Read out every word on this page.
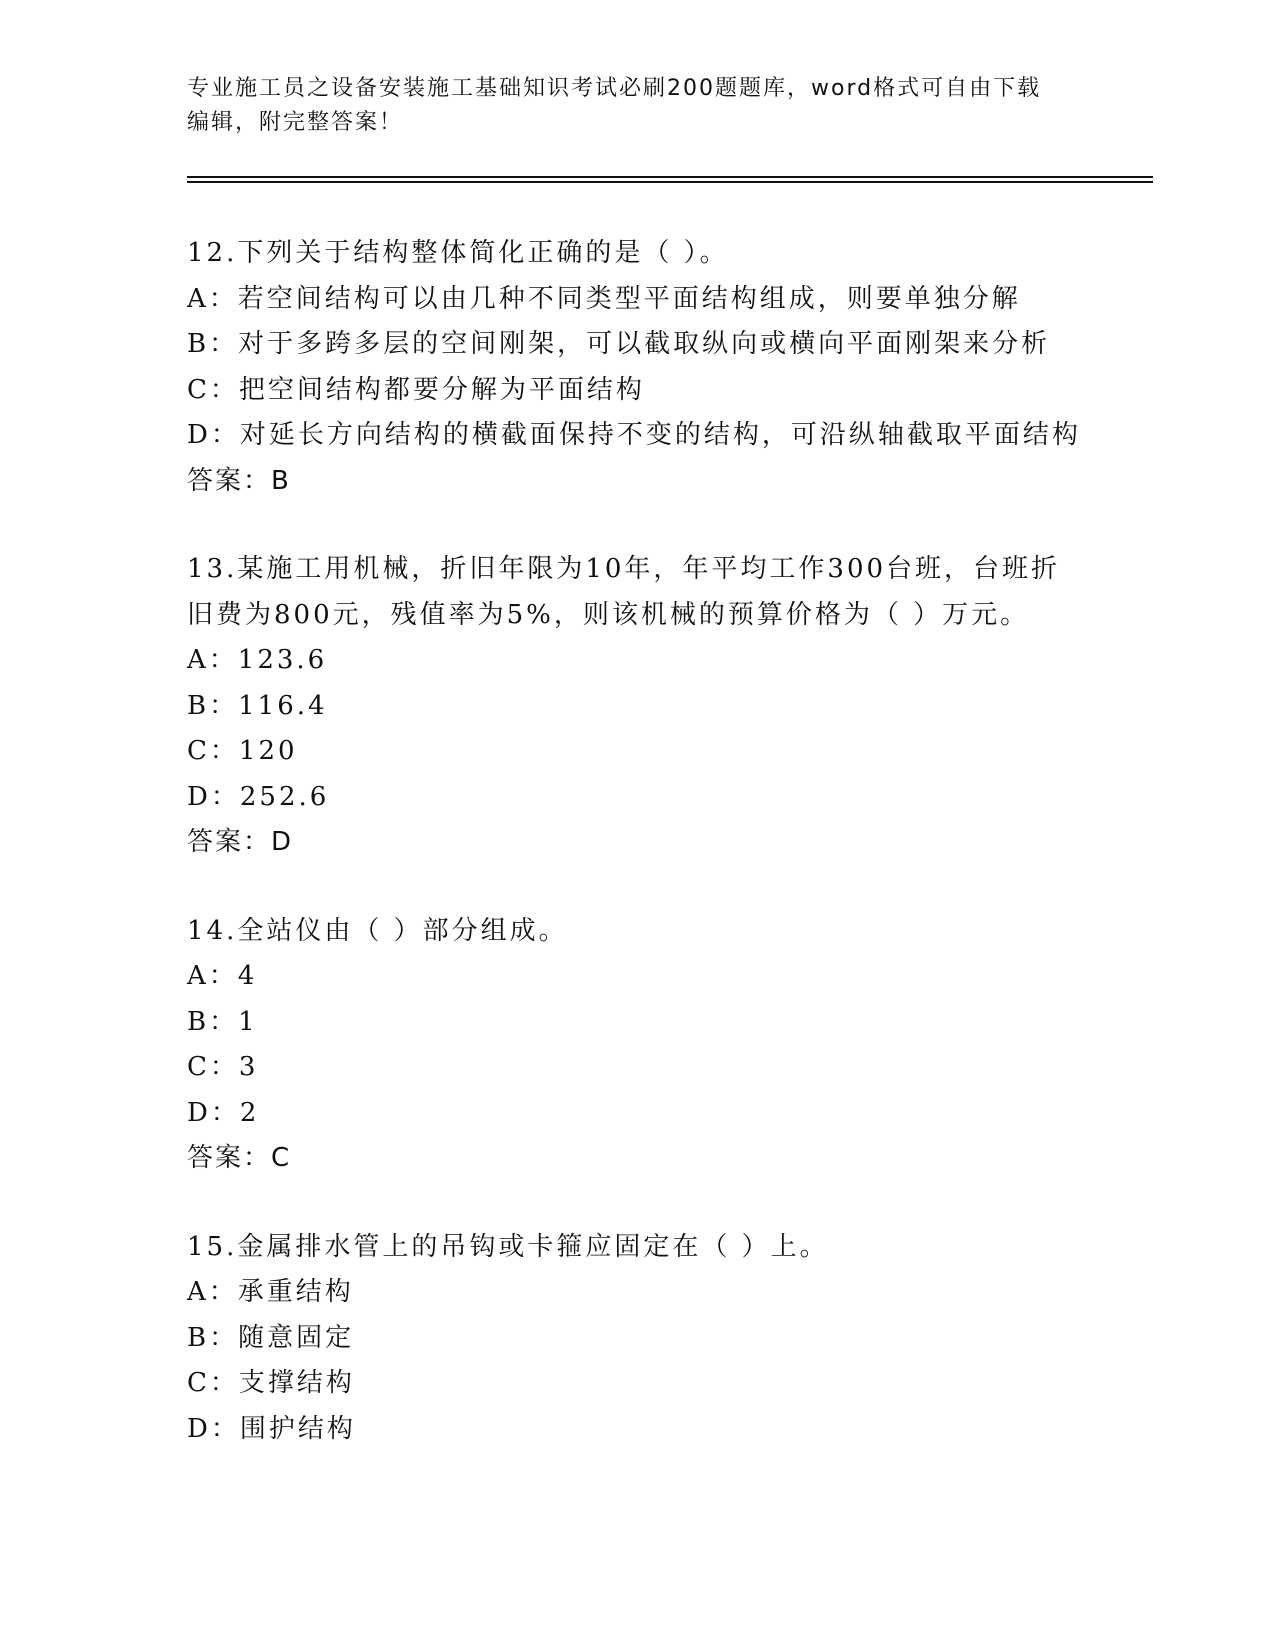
专业施工员之设备安装施工基础知识考试必刷200题题库，word格式可自由下载
编辑，附完整答案！
12.下列关于结构整体简化正确的是（ ）。
A：若空间结构可以由几种不同类型平面结构组成，则要单独分解
B：对于多跨多层的空间刚架，可以截取纵向或横向平面刚架来分析
C：把空间结构都要分解为平面结构
D：对延长方向结构的横截面保持不变的结构，可沿纵轴截取平面结构
答案：B
13.某施工用机械，折旧年限为10年，年平均工作300台班，台班折
旧费为800元，残值率为5%，则该机械的预算价格为（ ）万元。
A：123.6
B：116.4
C：120
D：252.6
答案：D
14.全站仪由（ ）部分组成。
A：4
B：1
C：3
D：2
答案：C
15.金属排水管上的吊钩或卡箍应固定在（ ）上。
A：承重结构
B：随意固定
C：支撑结构
D：围护结构
